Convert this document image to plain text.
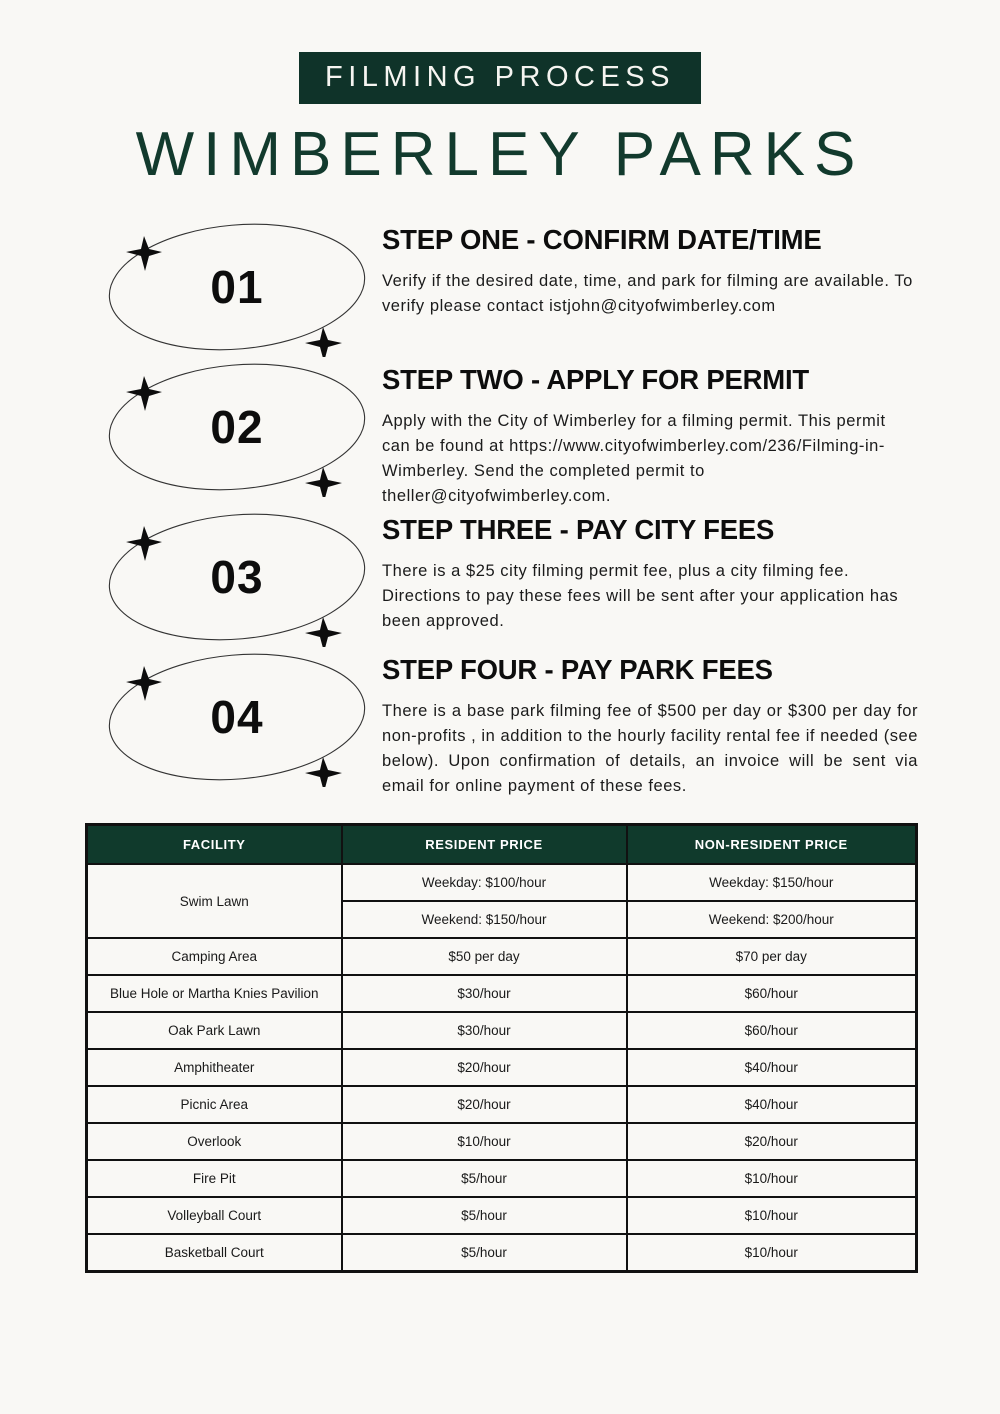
FILMING PROCESS
WIMBERLEY PARKS
01
STEP ONE - CONFIRM DATE/TIME

Verify if the desired date, time, and park for filming are available. To verify please contact istjohn@cityofwimberley.com

02
STEP TWO - APPLY FOR PERMIT

Apply with the City of Wimberley for a filming permit. This permit can be found at https://www.cityofwimberley.com/236/Filming-in-Wimberley. Send the completed permit to theller@cityofwimberley.com.

03
STEP THREE - PAY CITY FEES

There is a $25 city filming permit fee, plus a city filming fee. Directions to pay these fees will be sent after your application has been approved.

04
STEP FOUR - PAY PARK FEES

There is a base park filming fee of $500 per day or $300 per day for non-profits , in addition to the hourly facility rental fee if needed (see below). Upon confirmation of details, an invoice will be sent via email for online payment of these fees.

FACILITY	RESIDENT PRICE	NON-RESIDENT PRICE
Swim Lawn	Weekday: $100/hour	Weekday: $150/hour
	Weekend: $150/hour	Weekend: $200/hour
Camping Area	$50 per day	$70 per day
Blue Hole or Martha Knies Pavilion	$30/hour	$60/hour
Oak Park Lawn	$30/hour	$60/hour
Amphitheater	$20/hour	$40/hour
Picnic Area	$20/hour	$40/hour
Overlook	$10/hour	$20/hour
Fire Pit	$5/hour	$10/hour
Volleyball Court	$5/hour	$10/hour
Basketball Court	$5/hour	$10/hour
